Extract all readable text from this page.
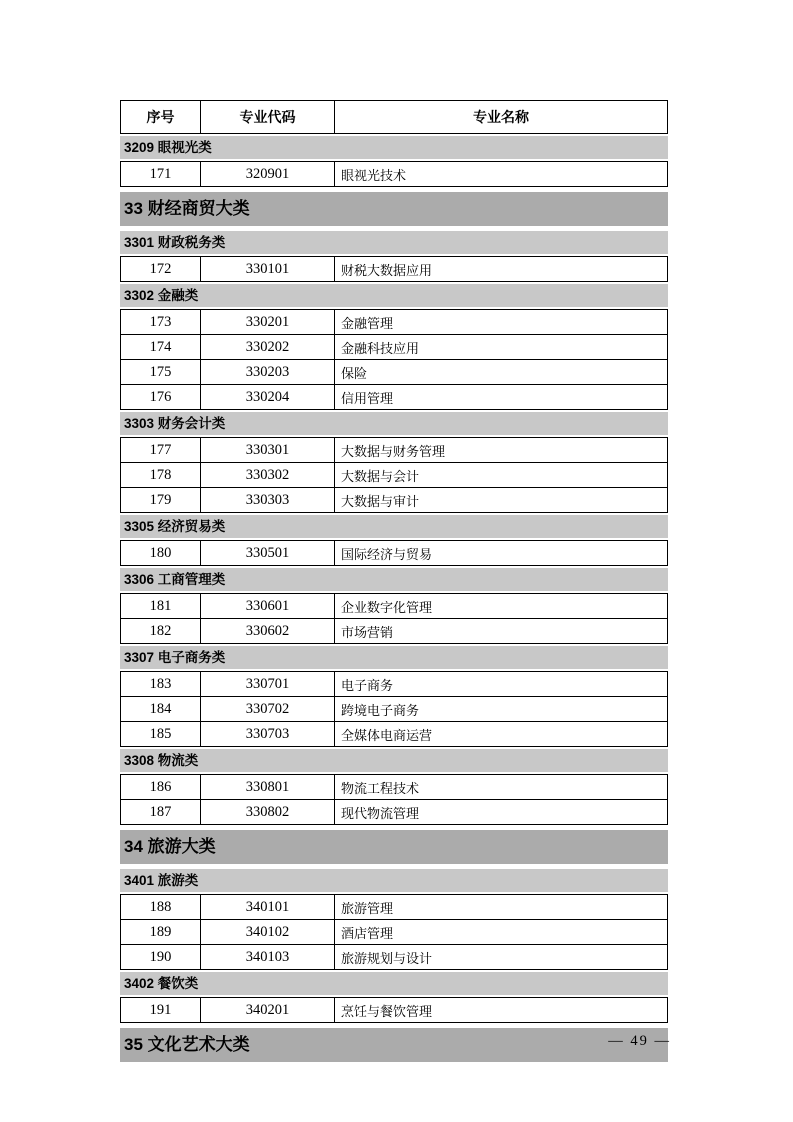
序号	专业代码	专业名称
3209 眼视光类
171	320901	眼视光技术
33 财经商贸大类
3301 财政税务类
172	330101	财税大数据应用
3302 金融类
173	330201	金融管理
174	330202	金融科技应用
175	330203	保险
176	330204	信用管理
3303 财务会计类
177	330301	大数据与财务管理
178	330302	大数据与会计
179	330303	大数据与审计
3305 经济贸易类
180	330501	国际经济与贸易
3306 工商管理类
181	330601	企业数字化管理
182	330602	市场营销
3307 电子商务类
183	330701	电子商务
184	330702	跨境电子商务
185	330703	全媒体电商运营
3308 物流类
186	330801	物流工程技术
187	330802	现代物流管理
34 旅游大类
3401 旅游类
188	340101	旅游管理
189	340102	酒店管理
190	340103	旅游规划与设计
3402 餐饮类
191	340201	烹饪与餐饮管理
35 文化艺术大类	— 49 —
